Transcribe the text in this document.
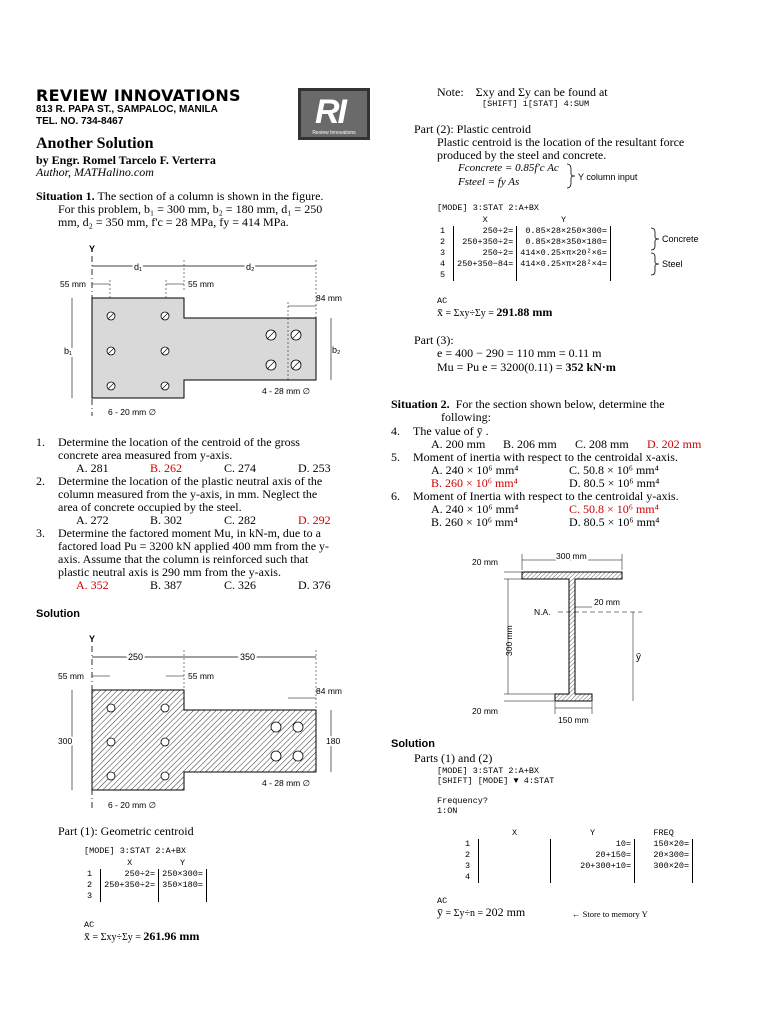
REVIEW INNOVATIONS
813 R. PAPA ST., SAMPALOC, MANILA
TEL. NO. 734-8467	RI
Review Innovations
Another Solution
by Engr. Romel Tarcelo F. Verterra
Author, MATHalino.com
Situation 1. The section of a column is shown in the figure.
For this problem, b₁ = 300 mm, b₂ = 180 mm, d₁ = 250
mm, d₂ = 350 mm, f'c = 28 MPa, fy = 414 MPa.
Y
d₁	d₂
55 mm	55 mm
84 mm
b₁	b₂
4 - 28 mm ∅
6 - 20 mm ∅
1. Determine the location of the centroid of the gross
concrete area measured from y-axis.
A. 281	B. 262	C. 274	D. 253
2. Determine the location of the plastic neutral axis of the
column measured from the y-axis, in mm. Neglect the
area of concrete occupied by the steel.
A. 272	B. 302	C. 282	D. 292
3. Determine the factored moment Mu, in kN-m, due to a
factored load Pu = 3200 kN applied 400 mm from the y-
axis. Assume that the column is reinforced such that
plastic neutral axis is 290 mm from the y-axis.
A. 352	B. 387	C. 326	D. 376
Solution
Y
250	350
55 mm	55 mm
84 mm
300	180
4 - 28 mm ∅
6 - 20 mm ∅
Part (1): Geometric centroid
[MODE] 3:STAT 2:A+BX
	X	Y
1	250÷2=	250×300=
2	250+350÷2=	350×180=
3		
AC
x̄ = Σxy÷Σy = 261.96 mm
Note: Σxy and Σy can be found at
[SHIFT] 1[STAT] 4:SUM
Part (2): Plastic centroid
Plastic centroid is the location of the resultant force
produced by the steel and concrete.
Fconcrete = 0.85f'c Ac
Fsteel = fy As	Y column input
[MODE] 3:STAT 2:A+BX
	X	Y
1	250÷2=	0.85×28×250×300=
2	250+350÷2=	0.85×28×350×180=
3	250÷2=	414×0.25×π×20²×6=
4	250+350−84=	414×0.25×π×28²×4=
5		
Concrete
Steel
AC
x̄ = Σxy÷Σy = 291.88 mm
Part (3):
e = 400 − 290 = 110 mm = 0.11 m
Mu = Pu e = 3200(0.11) = 352 kN·m
Situation 2. For the section shown below, determine the
following:
4. The value of ȳ .
A. 200 mm	B. 206 mm	C. 208 mm	D. 202 mm
5. Moment of inertia with respect to the centroidal x-axis.
A. 240 × 10⁶ mm⁴	C. 50.8 × 10⁶ mm⁴
B. 260 × 10⁶ mm⁴	D. 80.5 × 10⁶ mm⁴
6. Moment of Inertia with respect to the centroidal y-axis.
A. 240 × 10⁶ mm⁴	C. 50.8 × 10⁶ mm⁴
B. 260 × 10⁶ mm⁴	D. 80.5 × 10⁶ mm⁴
300 mm
20 mm
20 mm
N.A.
300 mm
ȳ
20 mm
150 mm
Solution
Parts (1) and (2)
[MODE] 3:STAT 2:A+BX
[SHIFT] [MODE] ▼ 4:STAT
Frequency?
1:ON
	X	Y	FREQ
1		10=	150×20=
2		20+150=	20×300=
3		20+300+10=	300×20=
4			
AC
ȳ = Σy÷n = 202 mm	← Store to memory Y
